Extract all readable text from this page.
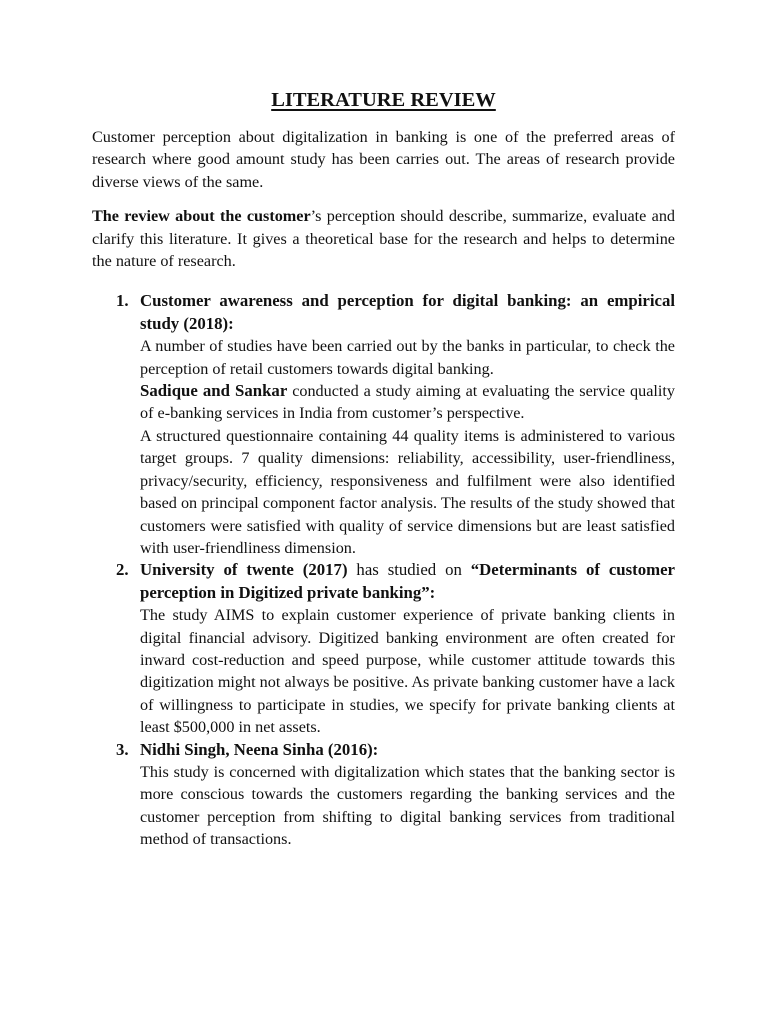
LITERATURE REVIEW

Customer perception about digitalization in banking is one of the preferred areas of research where good amount study has been carries out. The areas of research provide diverse views of the same.

The review about the customer’s perception should describe, summarize, evaluate and clarify this literature. It gives a theoretical base for the research and helps to determine the nature of research.

1. Customer awareness and perception for digital banking: an empirical study (2018):

A number of studies have been carried out by the banks in particular, to check the perception of retail customers towards digital banking.

Sadique and Sankar conducted a study aiming at evaluating the service quality of e-banking services in India from customer’s perspective.

A structured questionnaire containing 44 quality items is administered to various target groups. 7 quality dimensions: reliability, accessibility, user-friendliness, privacy/security, efficiency, responsiveness and fulfilment were also identified based on principal component factor analysis. The results of the study showed that customers were satisfied with quality of service dimensions but are least satisfied with user-friendliness dimension.

2. University of twente (2017) has studied on “Determinants of customer perception in Digitized private banking”:

The study AIMS to explain customer experience of private banking clients in digital financial advisory. Digitized banking environment are often created for inward cost-reduction and speed purpose, while customer attitude towards this digitization might not always be positive. As private banking customer have a lack of willingness to participate in studies, we specify for private banking clients at least $500,000 in net assets.

3. Nidhi Singh, Neena Sinha (2016):

This study is concerned with digitalization which states that the banking sector is more conscious towards the customers regarding the banking services and the customer perception from shifting to digital banking services from traditional method of transactions.
